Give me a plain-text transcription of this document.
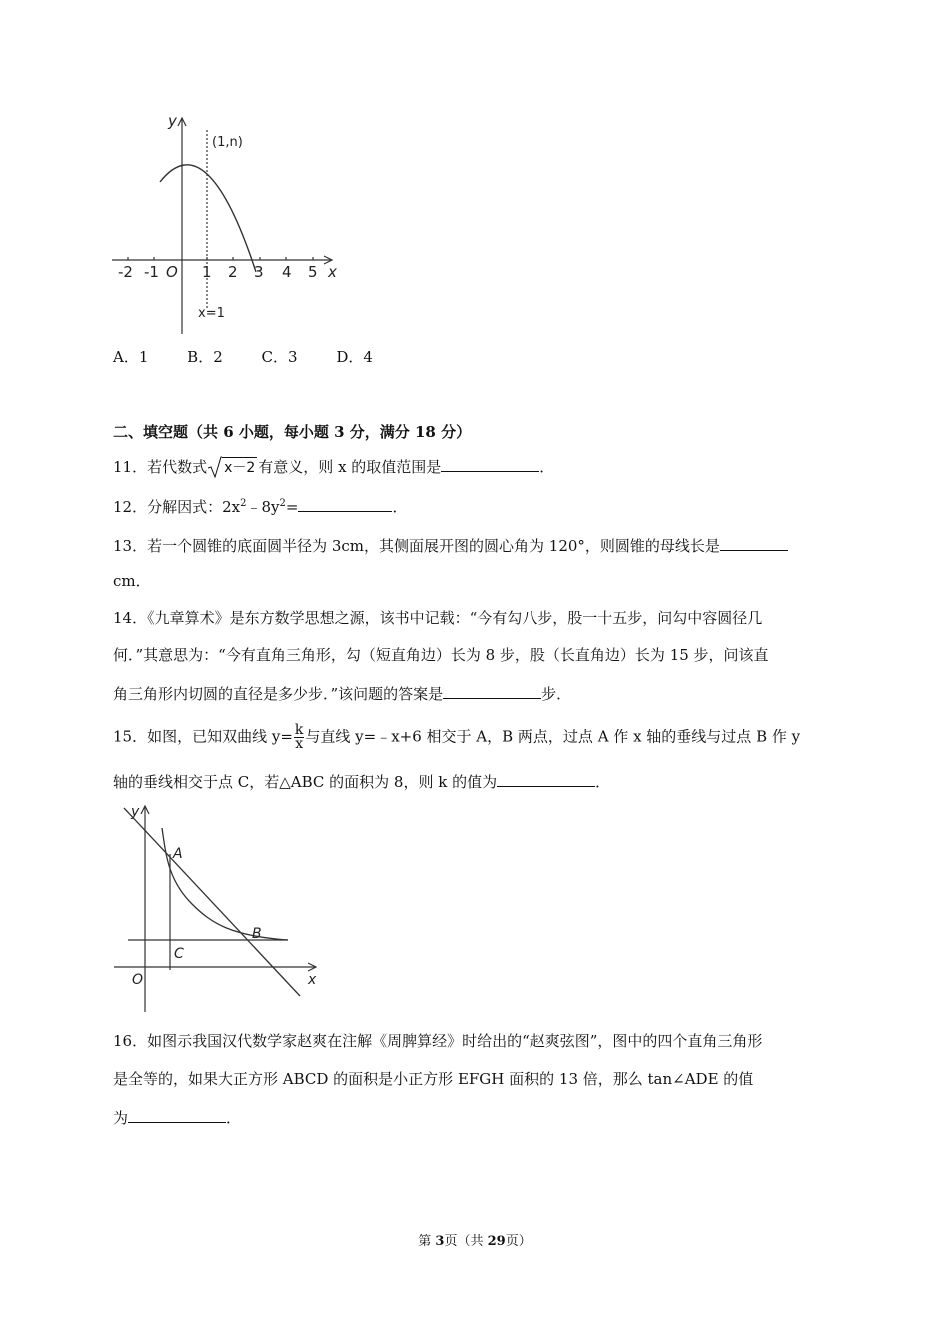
y
x
(1,n)
x=1
O
-2 -1	1 2 3 4 5
A．1	B．2	C．3	D．4
二、填空题（共 6 小题，每小题 3 分，满分 18 分）
11．若代数式 x－2 有意义，则 x 的取值范围是	．
12．分解因式：$2x^2﹣8y^2=$	．
13．若一个圆锥的底面圆半径为 3cm，其侧面展开图的圆心角为 120°，则圆锥的母线长是
cm．
14．《九章算术》是东方数学思想之源，该书中记载：“今有勾八步，股一十五步，问勾中容圆径几
何．”其意思为：“今有直角三角形，勾（短直角边）长为 8 步，股（长直角边）长为 15 步，问该直
角三角形内切圆的直径是多少步．”该问题的答案是	步．
15．如图，已知双曲线 $y= \frac{k}{x}$ 与直线 y=﹣x+6 相交于 A，B 两点，过点 A 作 x 轴的垂线与过点 B 作 y
轴的垂线相交于点 C，若△ABC 的面积为 8，则 k 的值为	．
y
x
O
A
B
C
16．如图示我国汉代数学家赵爽在注解《周脾算经》时给出的“赵爽弦图”，图中的四个直角三角形
是全等的，如果大正方形 ABCD 的面积是小正方形 EFGH 面积的 13 倍，那么 tan∠ADE 的值
为	．
第 3页（共 29页）
